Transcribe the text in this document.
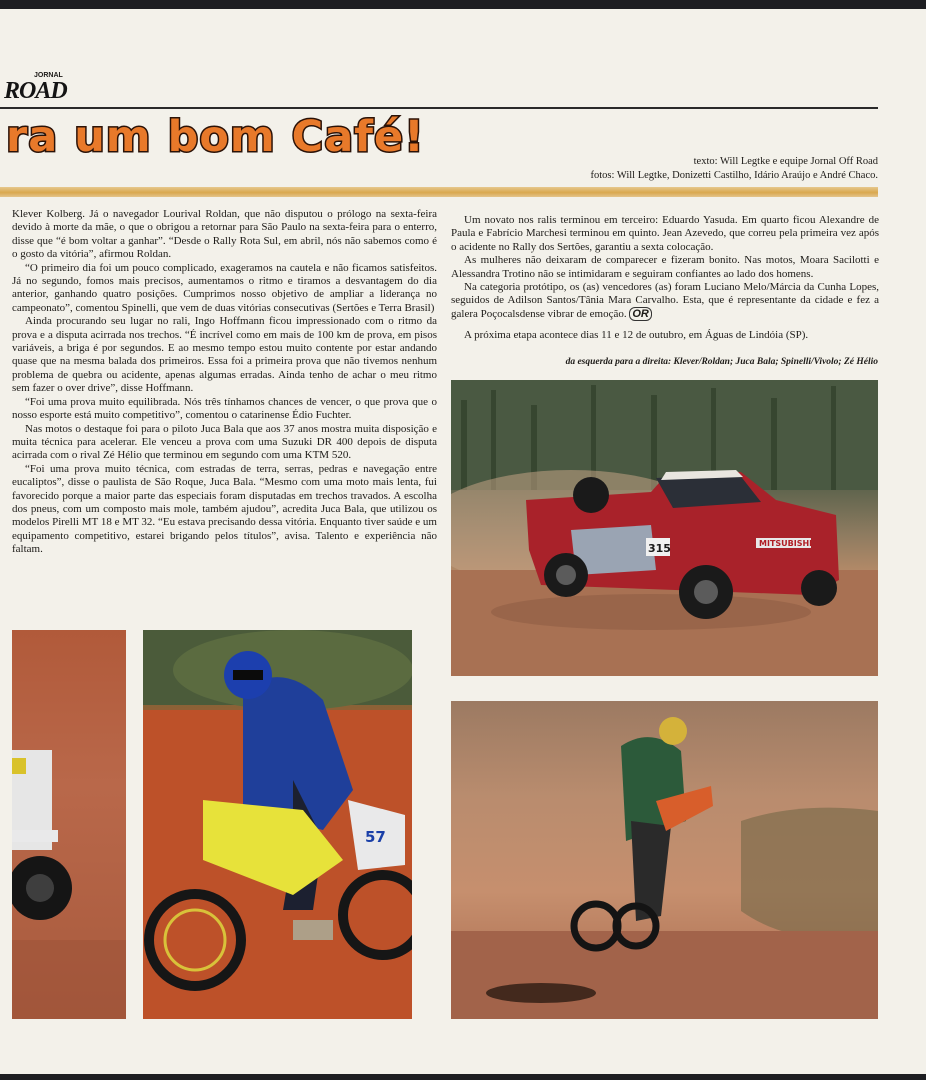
JORNAL
ROAD
ra um bom Café!	texto: Will Legtke e equipe Jornal Off Road
fotos: Will Legtke, Donizetti Castilho, Idário Araújo e André Chaco.

Klever Kolberg. Já o navegador Lourival Roldan, que não disputou o prólogo na sexta-feira devido à morte da mãe, o que o obrigou a retornar para São Paulo na sexta-feira para o enterro, disse que “é bom voltar a ganhar”. “Desde o Rally Rota Sul, em abril, nós não sabemos como é o gosto da vitória”, afirmou Roldan.

“O primeiro dia foi um pouco complicado, exageramos na cautela e não ficamos satisfeitos. Já no segundo, fomos mais precisos, aumentamos o ritmo e tiramos a desvantagem do dia anterior, ganhando quatro posições. Cumprimos nosso objetivo de ampliar a liderança no campeonato”, comentou Spinelli, que vem de duas vitórias consecutivas (Sertões e Terra Brasil)

Ainda procurando seu lugar no rali, Ingo Hoffmann ficou impressionado com o ritmo da prova e a disputa acirrada nos trechos. “É incrível como em mais de 100 km de prova, em pisos variáveis, a briga é por segundos. E ao mesmo tempo estou muito contente por estar andando quase que na mesma balada dos primeiros. Essa foi a primeira prova que não tivemos nenhum problema de quebra ou acidente, apenas algumas erradas. Ainda tenho de achar o meu ritmo sem fazer o over drive”, disse Hoffmann.

“Foi uma prova muito equilibrada. Nós três tínhamos chances de vencer, o que prova que o nosso esporte está muito competitivo”, comentou o catarinense Édio Fuchter.

Nas motos o destaque foi para o piloto Juca Bala que aos 37 anos mostra muita disposição e muita técnica para acelerar. Ele venceu a prova com uma Suzuki DR 400 depois de disputa acirrada com o rival Zé Hélio que terminou em segundo com uma KTM 520.

“Foi uma prova muito técnica, com estradas de terra, serras, pedras e navegação entre eucaliptos”, disse o paulista de São Roque, Juca Bala. “Mesmo com uma moto mais lenta, fui favorecido porque a maior parte das especiais foram disputadas em trechos travados. A escolha dos pneus, com um composto mais mole, também ajudou”, acredita Juca Bala, que utilizou os modelos Pirelli MT 18 e MT 32. “Eu estava precisando dessa vitória. Enquanto tiver saúde e um equipamento competitivo, estarei brigando pelos títulos”, avisa. Talento e experiência não faltam.

Um novato nos ralis terminou em terceiro: Eduardo Yasuda. Em quarto ficou Alexandre de Paula e Fabrício Marchesi terminou em quinto. Jean Azevedo, que correu pela primeira vez após o acidente no Rally dos Sertões, garantiu a sexta colocação.

As mulheres não deixaram de comparecer e fizeram bonito. Nas motos, Moara Sacilotti e Alessandra Trotino não se intimidaram e seguiram confiantes ao lado dos homens.

Na categoria protótipo, os (as) vencedores (as) foram Luciano Melo/Márcia da Cunha Lopes, seguidos de Adilson Santos/Tânia Mara Carvalho. Esta, que é representante da cidade e fez a galera Poçocalsdense vibrar de emoção. OR

A próxima etapa acontece dias 11 e 12 de outubro, em Águas de Lindóia (SP).

da esquerda para a direita: Klever/Roldan; Juca Bala; Spinelli/Vivolo; Zé Hélio
MITSUBISHI
315
57
